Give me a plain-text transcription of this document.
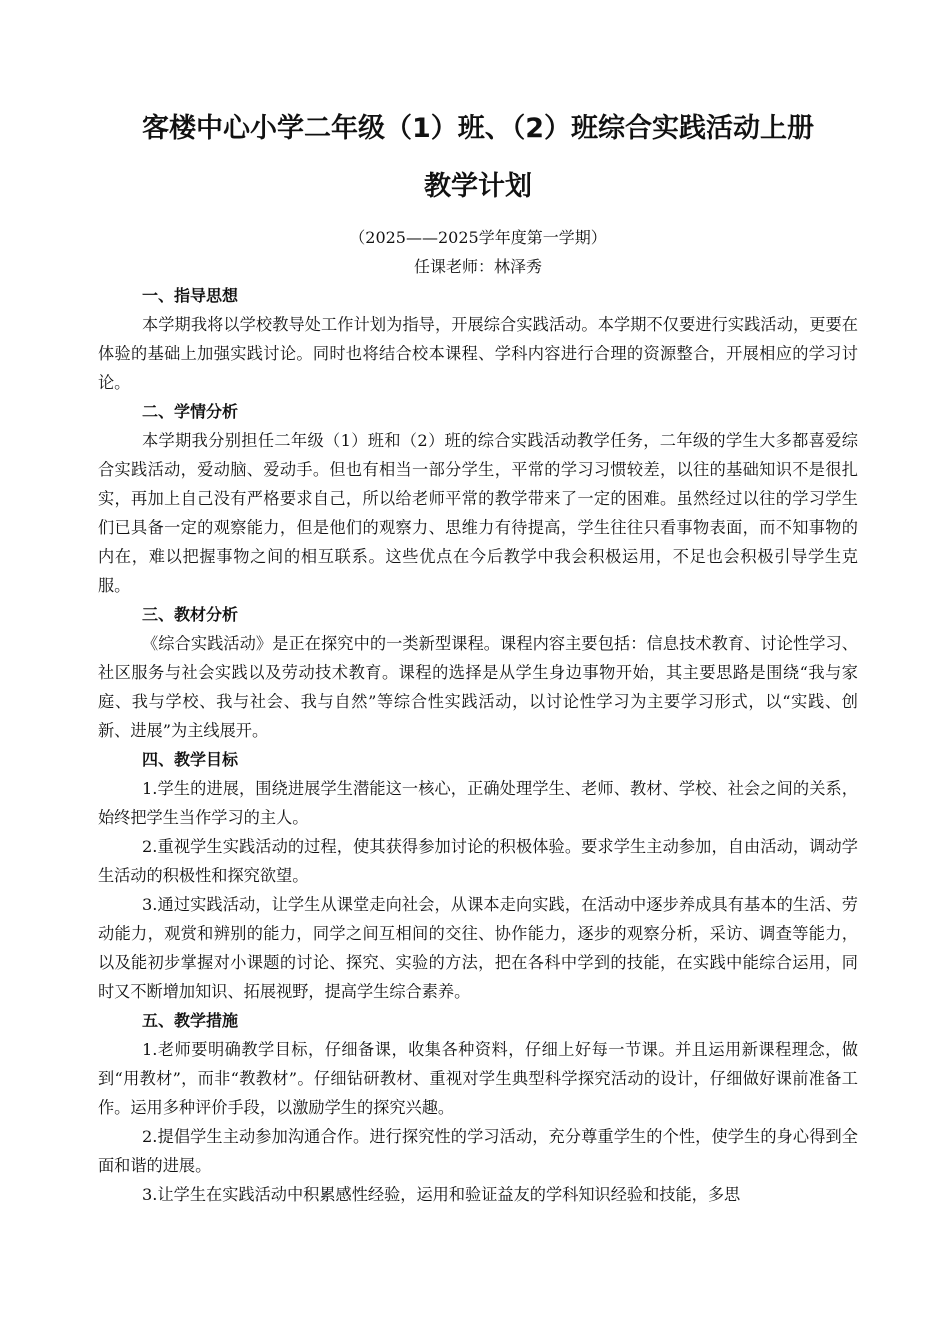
客楼中心小学二年级（1）班、（2）班综合实践活动上册
教学计划
（2025——2025学年度第一学期）
任课老师：林泽秀
一、指导思想

本学期我将以学校教导处工作计划为指导，开展综合实践活动。本学期不仅要进行实践活动，更要在体验的基础上加强实践讨论。同时也将结合校本课程、学科内容进行合理的资源整合，开展相应的学习讨论。

二、学情分析

本学期我分别担任二年级（1）班和（2）班的综合实践活动教学任务，二年级的学生大多都喜爱综合实践活动，爱动脑、爱动手。但也有相当一部分学生，平常的学习习惯较差，以往的基础知识不是很扎实，再加上自己没有严格要求自己，所以给老师平常的教学带来了一定的困难。虽然经过以往的学习学生们已具备一定的观察能力，但是他们的观察力、思维力有待提高，学生往往只看事物表面，而不知事物的内在，难以把握事物之间的相互联系。这些优点在今后教学中我会积极运用，不足也会积极引导学生克服。

三、教材分析

《综合实践活动》是正在探究中的一类新型课程。课程内容主要包括：信息技术教育、讨论性学习、社区服务与社会实践以及劳动技术教育。课程的选择是从学生身边事物开始，其主要思路是围绕“我与家庭、我与学校、我与社会、我与自然”等综合性实践活动，以讨论性学习为主要学习形式，以“实践、创新、进展”为主线展开。

四、教学目标

1.学生的进展，围绕进展学生潜能这一核心，正确处理学生、老师、教材、学校、社会之间的关系，始终把学生当作学习的主人。

2.重视学生实践活动的过程，使其获得参加讨论的积极体验。要求学生主动参加，自由活动，调动学生活动的积极性和探究欲望。

3.通过实践活动，让学生从课堂走向社会，从课本走向实践，在活动中逐步养成具有基本的生活、劳动能力，观赏和辨别的能力，同学之间互相间的交往、协作能力，逐步的观察分析，采访、调查等能力，以及能初步掌握对小课题的讨论、探究、实验的方法，把在各科中学到的技能，在实践中能综合运用，同时又不断增加知识、拓展视野，提高学生综合素养。

五、教学措施

1.老师要明确教学目标，仔细备课，收集各种资料，仔细上好每一节课。并且运用新课程理念，做到“用教材”，而非“教教材”。仔细钻研教材、重视对学生典型科学探究活动的设计，仔细做好课前准备工作。运用多种评价手段，以激励学生的探究兴趣。

2.提倡学生主动参加沟通合作。进行探究性的学习活动，充分尊重学生的个性，使学生的身心得到全面和谐的进展。

3.让学生在实践活动中积累感性经验，运用和验证益友的学科知识经验和技能，多思
